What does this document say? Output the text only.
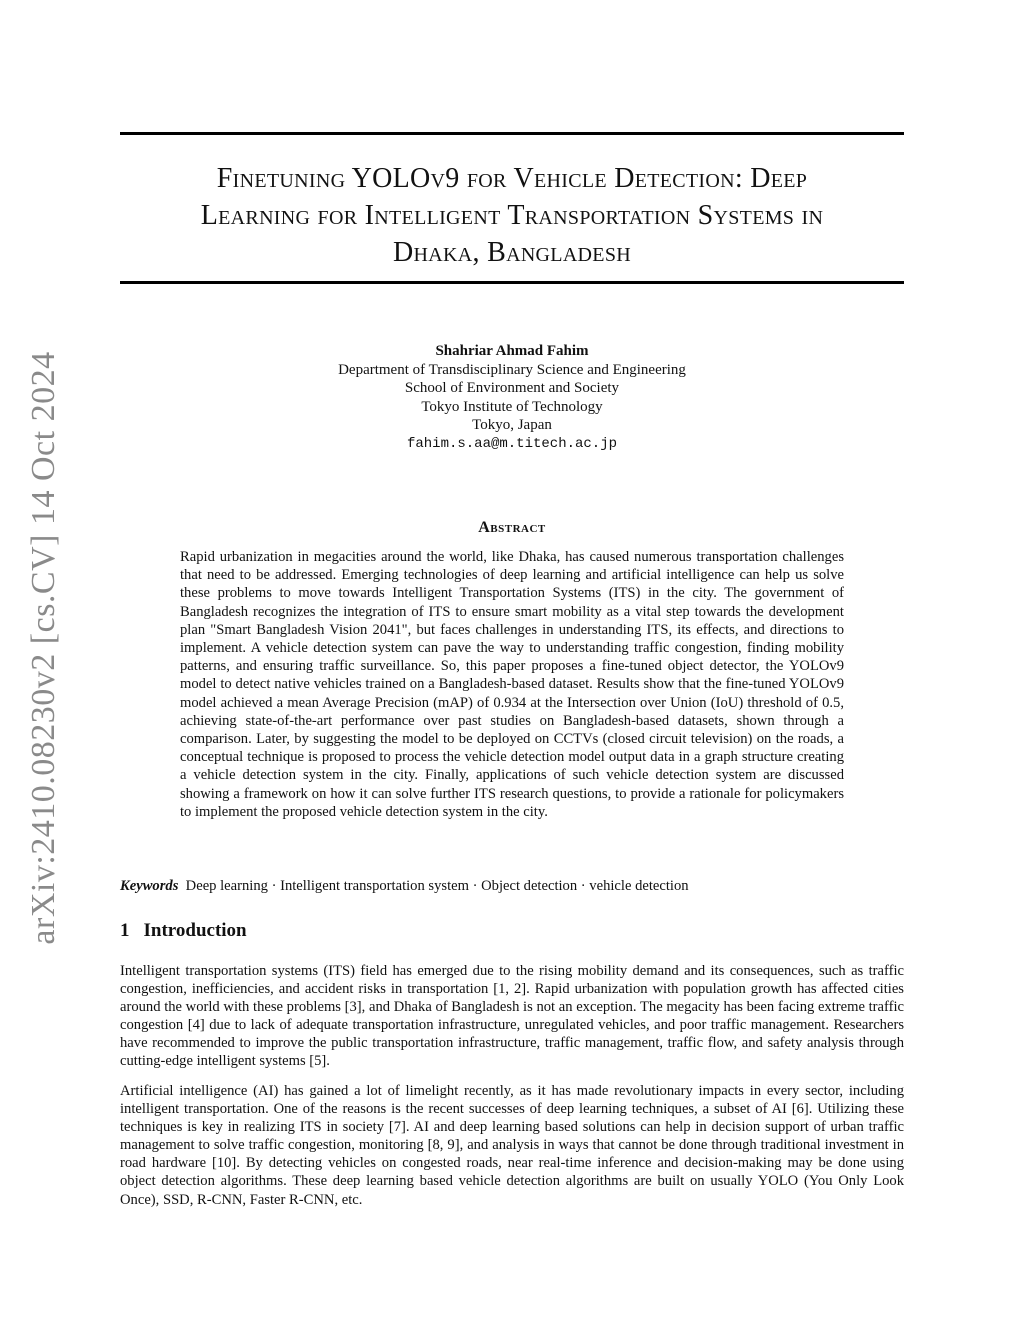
arXiv:2410.08230v2 [cs.CV] 14 Oct 2024
Finetuning YOLOv9 for Vehicle Detection: Deep
Learning for Intelligent Transportation Systems in
Dhaka, Bangladesh
Shahriar Ahmad Fahim
Department of Transdisciplinary Science and Engineering
School of Environment and Society
Tokyo Institute of Technology
Tokyo, Japan
fahim.s.aa@m.titech.ac.jp
Abstract
Rapid urbanization in megacities around the world, like Dhaka, has caused numerous transportation challenges that need to be addressed. Emerging technologies of deep learning and artificial intelligence can help us solve these problems to move towards Intelligent Transportation Systems (ITS) in the city. The government of Bangladesh recognizes the integration of ITS to ensure smart mobility as a vital step towards the development plan "Smart Bangladesh Vision 2041", but faces challenges in understanding ITS, its effects, and directions to implement. A vehicle detection system can pave the way to understanding traffic congestion, finding mobility patterns, and ensuring traffic surveillance. So, this paper proposes a fine-tuned object detector, the YOLOv9 model to detect native vehicles trained on a Bangladesh-based dataset. Results show that the fine-tuned YOLOv9 model achieved a mean Average Precision (mAP) of 0.934 at the Intersection over Union (IoU) threshold of 0.5, achieving state-of-the-art performance over past studies on Bangladesh-based datasets, shown through a comparison. Later, by suggesting the model to be deployed on CCTVs (closed circuit television) on the roads, a conceptual technique is proposed to process the vehicle detection model output data in a graph structure creating a vehicle detection system in the city. Finally, applications of such vehicle detection system are discussed showing a framework on how it can solve further ITS research questions, to provide a rationale for policymakers to implement the proposed vehicle detection system in the city.
Keywords Deep learning · Intelligent transportation system · Object detection · vehicle detection
1 Introduction
Intelligent transportation systems (ITS) field has emerged due to the rising mobility demand and its consequences, such as traffic congestion, inefficiencies, and accident risks in transportation [1, 2]. Rapid urbanization with population growth has affected cities around the world with these problems [3], and Dhaka of Bangladesh is not an exception. The megacity has been facing extreme traffic congestion [4] due to lack of adequate transportation infrastructure, unregulated vehicles, and poor traffic management. Researchers have recommended to improve the public transportation infrastructure, traffic management, traffic flow, and safety analysis through cutting-edge intelligent systems [5].
Artificial intelligence (AI) has gained a lot of limelight recently, as it has made revolutionary impacts in every sector, including intelligent transportation. One of the reasons is the recent successes of deep learning techniques, a subset of AI [6]. Utilizing these techniques is key in realizing ITS in society [7]. AI and deep learning based solutions can help in decision support of urban traffic management to solve traffic congestion, monitoring [8, 9], and analysis in ways that cannot be done through traditional investment in road hardware [10]. By detecting vehicles on congested roads, near real-time inference and decision-making may be done using object detection algorithms. These deep learning based vehicle detection algorithms are built on usually YOLO (You Only Look Once), SSD, R-CNN, Faster R-CNN, etc.
